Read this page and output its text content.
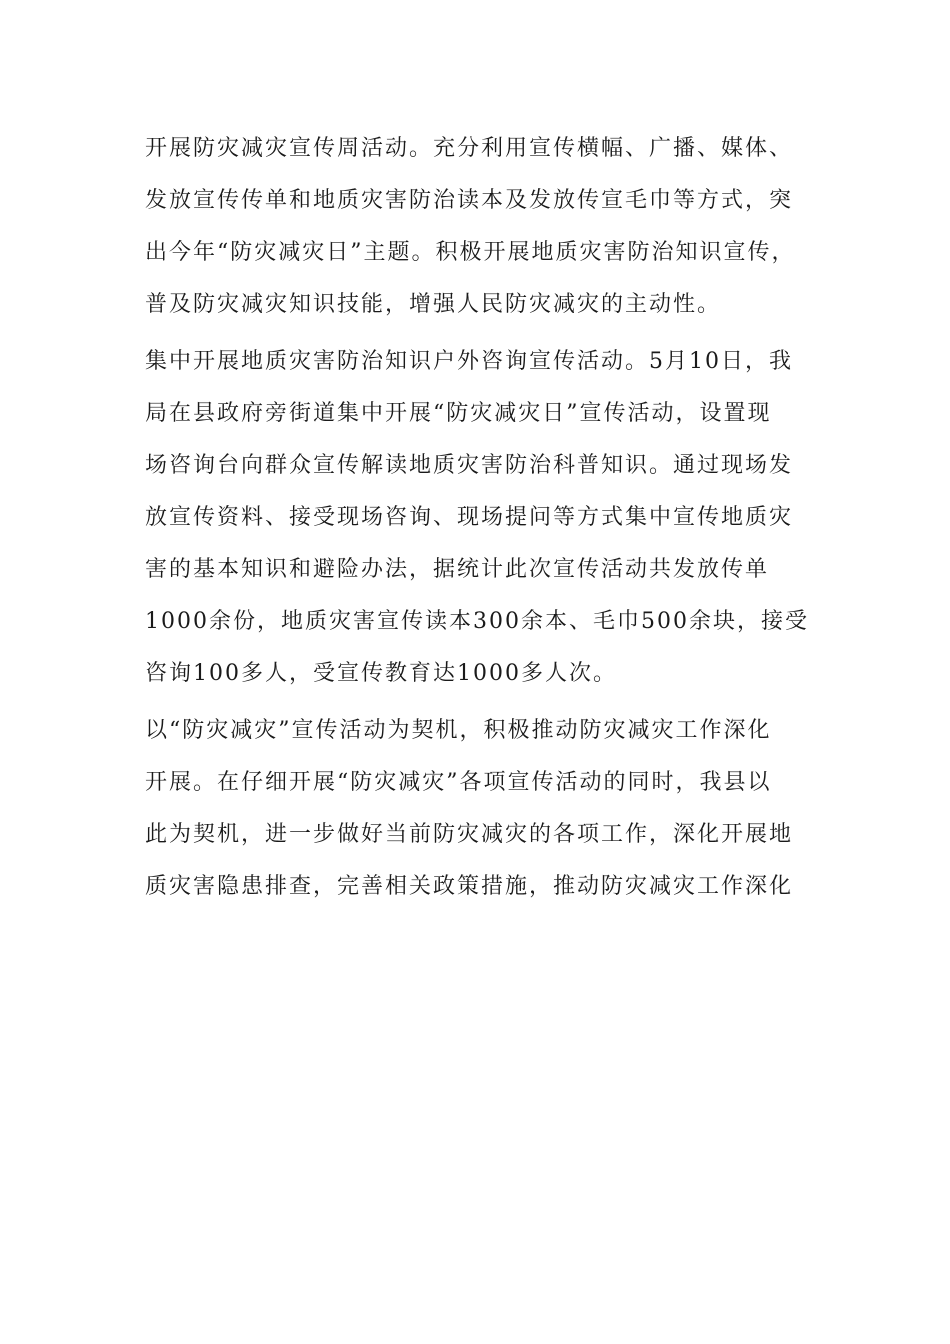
开展防灾减灾宣传周活动。充分利用宣传横幅、广播、媒体、
发放宣传传单和地质灾害防治读本及发放传宣毛巾等方式，突
出今年“防灾减灾日”主题。积极开展地质灾害防治知识宣传，
普及防灾减灾知识技能，增强人民防灾减灾的主动性。
集中开展地质灾害防治知识户外咨询宣传活动。5月10日，我
局在县政府旁街道集中开展“防灾减灾日”宣传活动，设置现
场咨询台向群众宣传解读地质灾害防治科普知识。通过现场发
放宣传资料、接受现场咨询、现场提问等方式集中宣传地质灾
害的基本知识和避险办法，据统计此次宣传活动共发放传单
1000余份，地质灾害宣传读本300余本、毛巾500余块，接受
咨询100多人，受宣传教育达1000多人次。
以“防灾减灾”宣传活动为契机，积极推动防灾减灾工作深化
开展。在仔细开展“防灾减灾”各项宣传活动的同时，我县以
此为契机，进一步做好当前防灾减灾的各项工作，深化开展地
质灾害隐患排查，完善相关政策措施，推动防灾减灾工作深化
